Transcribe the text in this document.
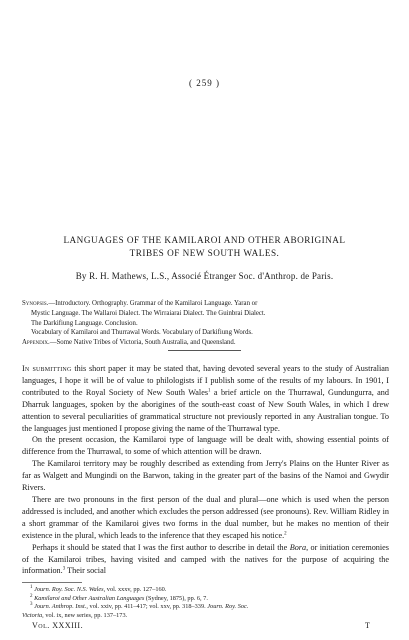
( 259 )
LANGUAGES OF THE KAMILAROI AND OTHER ABORIGINAL
TRIBES OF NEW SOUTH WALES.
By R. H. Mathews, L.S., Associé Étranger Soc. d'Anthrop. de Paris.
Synopsis.—Introductory. Orthography. Grammar of the Kamilaroi Language. Yaran or
Mystic Language. The Wallaroi Dialect. The Wirraiarai Dialect. The Guinbrai Dialect.
The Darkifiung Language. Conclusion.
Vocabulary of Kamilaroi and Thurrawal Words. Vocabulary of Darkifiung Words.
Appendix.—Some Native Tribes of Victoria, South Australia, and Queensland.

In submitting this short paper it may be stated that, having devoted several years to the study of Australian languages, I hope it will be of value to philologists if I publish some of the results of my labours. In 1901, I contributed to the Royal Society of New South Wales$^1$ a brief article on the Thurrawal, Gundungurra, and Dharruk languages, spoken by the aborigines of the south-east coast of New South Wales, in which I drew attention to several peculiarities of grammatical structure not previously reported in any Australian tongue. To the languages just mentioned I propose giving the name of the Thurrawal type.

On the present occasion, the Kamilaroi type of language will be dealt with, showing essential points of difference from the Thurrawal, to some of which attention will be drawn.

The Kamilaroi territory may be roughly described as extending from Jerry's Plains on the Hunter River as far as Walgett and Mungindi on the Barwon, taking in the greater part of the basins of the Namoi and Gwydir Rivers.

There are two pronouns in the first person of the dual and plural—one which is used when the person addressed is included, and another which excludes the person addressed (see pronouns). Rev. William Ridley in a short grammar of the Kamilaroi gives two forms in the dual number, but he makes no mention of their existence in the plural, which leads to the inference that they escaped his notice.$^2$

Perhaps it should be stated that I was the first author to describe in detail the Bora, or initiation ceremonies of the Kamilaroi tribes, having visited and camped with the natives for the purpose of acquiring the information.$^3$ Their social

$^1$ Journ. Roy. Soc. N.S. Wales, vol. xxxv, pp. 127–160.
$^2$ Kamilaroi and Other Australian Languages (Sydney, 1875), pp. 6, 7.
$^3$ Journ. Anthrop. Inst., vol. xxiv, pp. 411–417; vol. xxv, pp. 318–339. Journ. Roy. Soc.
Victoria, vol. ix, new series, pp. 137–173.
Vol. XXXIII.	T
